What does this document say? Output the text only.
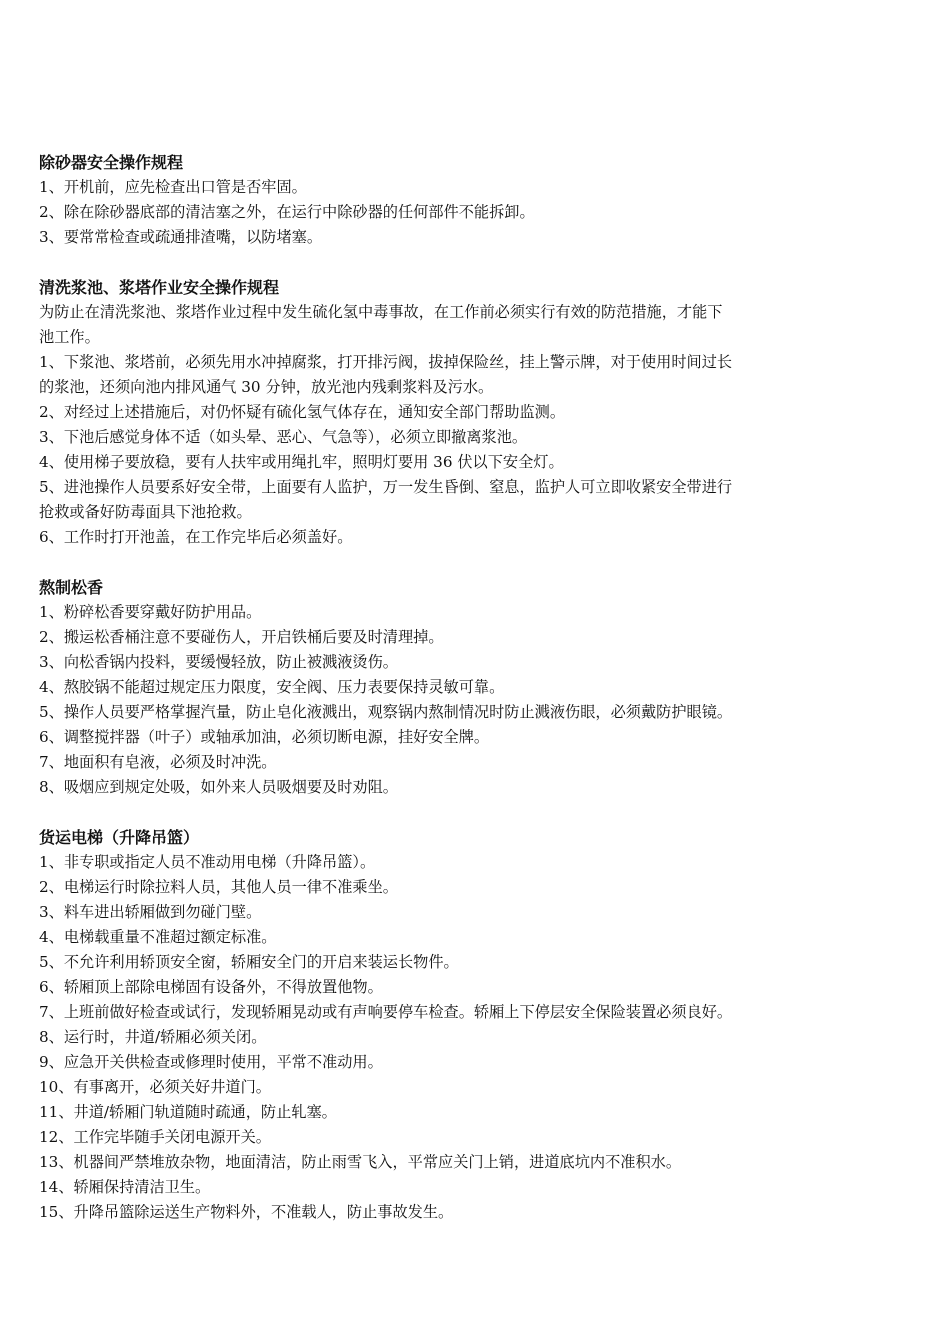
除砂器安全操作规程
1、开机前，应先检查出口管是否牢固。
2、除在除砂器底部的清洁塞之外，在运行中除砂器的任何部件不能拆卸。
3、要常常检查或疏通排渣嘴，以防堵塞。
清洗浆池、浆塔作业安全操作规程
为防止在清洗浆池、浆塔作业过程中发生硫化氢中毒事故，在工作前必须实行有效的防范措施，才能下
池工作。
1、下浆池、浆塔前，必须先用水冲掉腐浆，打开排污阀，拔掉保险丝，挂上警示牌，对于使用时间过长
的浆池，还须向池内排风通气 30 分钟，放光池内残剩浆料及污水。
2、对经过上述措施后，对仍怀疑有硫化氢气体存在，通知安全部门帮助监测。
3、下池后感觉身体不适（如头晕、恶心、气急等），必须立即撤离浆池。
4、使用梯子要放稳，要有人扶牢或用绳扎牢，照明灯要用 36 伏以下安全灯。
5、进池操作人员要系好安全带，上面要有人监护，万一发生昏倒、窒息，监护人可立即收紧安全带进行
抢救或备好防毒面具下池抢救。
6、工作时打开池盖，在工作完毕后必须盖好。
熬制松香
1、粉碎松香要穿戴好防护用品。
2、搬运松香桶注意不要碰伤人，开启铁桶后要及时清理掉。
3、向松香锅内投料，要缓慢轻放，防止被溅液烫伤。
4、熬胶锅不能超过规定压力限度，安全阀、压力表要保持灵敏可靠。
5、操作人员要严格掌握汽量，防止皂化液溅出，观察锅内熬制情况时防止溅液伤眼，必须戴防护眼镜。
6、调整搅拌器（叶子）或轴承加油，必须切断电源，挂好安全牌。
7、地面积有皂液，必须及时冲洗。
8、吸烟应到规定处吸，如外来人员吸烟要及时劝阻。
货运电梯（升降吊篮）
1、非专职或指定人员不准动用电梯（升降吊篮）。
2、电梯运行时除拉料人员，其他人员一律不准乘坐。
3、料车进出轿厢做到勿碰门壁。
4、电梯载重量不准超过额定标准。
5、不允许利用轿顶安全窗，轿厢安全门的开启来装运长物件。
6、轿厢顶上部除电梯固有设备外，不得放置他物。
7、上班前做好检查或试行，发现轿厢晃动或有声响要停车检查。轿厢上下停层安全保险装置必须良好。
8、运行时，井道/轿厢必须关闭。
9、应急开关供检查或修理时使用，平常不准动用。
10、有事离开，必须关好井道门。
11、井道/轿厢门轨道随时疏通，防止轧塞。
12、工作完毕随手关闭电源开关。
13、机器间严禁堆放杂物，地面清洁，防止雨雪飞入，平常应关门上销，进道底坑内不准积水。
14、轿厢保持清洁卫生。
15、升降吊篮除运送生产物料外，不准载人，防止事故发生。
